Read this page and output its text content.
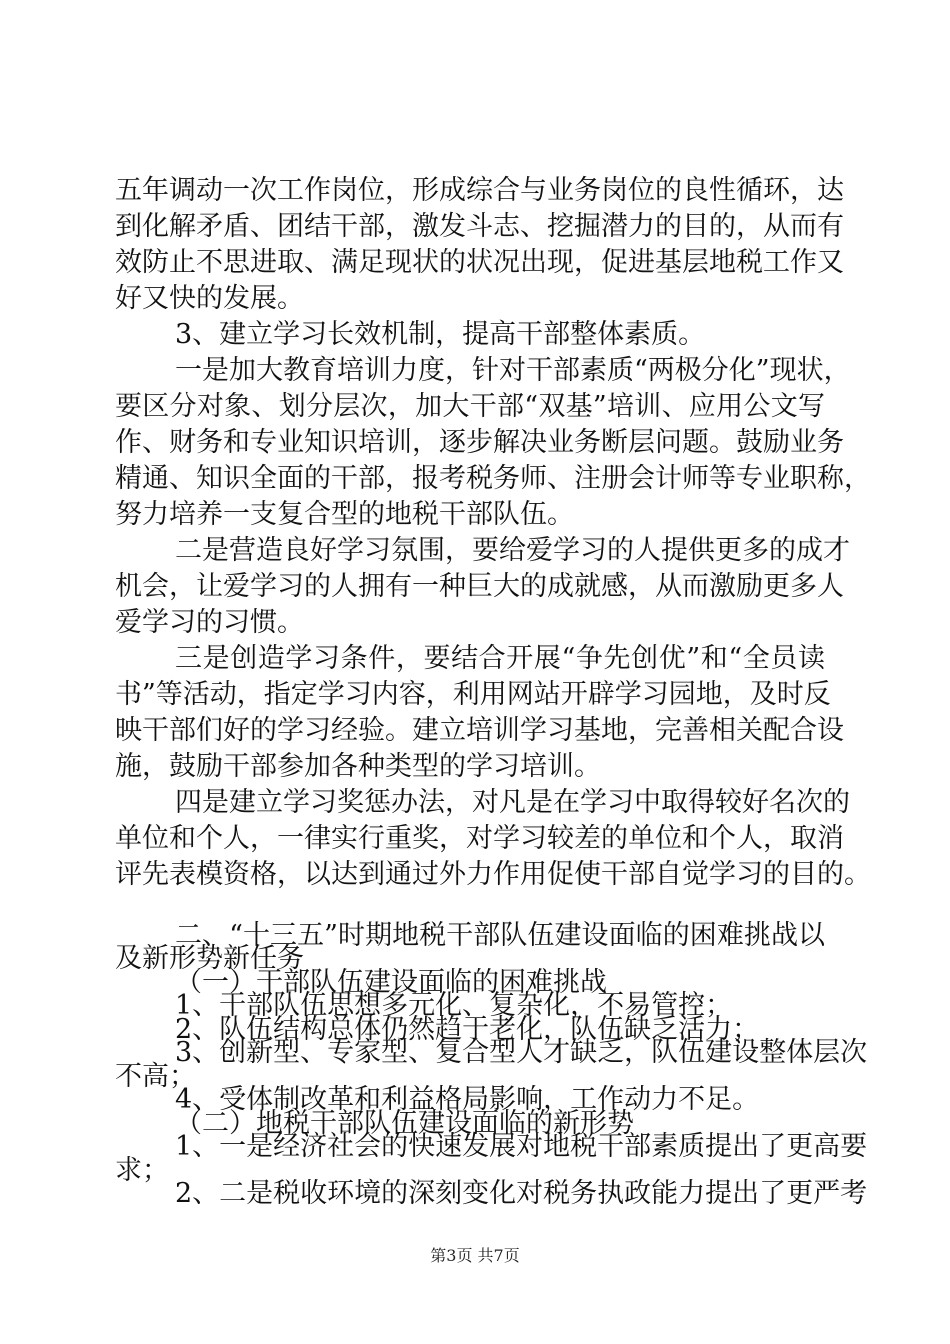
五年调动一次工作岗位，形成综合与业务岗位的良性循环，达
到化解矛盾、团结干部，激发斗志、挖掘潜力的目的，从而有
效防止不思进取、满足现状的状况出现，促进基层地税工作又
好又快的发展。
3、建立学习长效机制，提高干部整体素质。
一是加大教育培训力度，针对干部素质“两极分化”现状，
要区分对象、划分层次，加大干部“双基”培训、应用公文写
作、财务和专业知识培训，逐步解决业务断层问题。鼓励业务
精通、知识全面的干部，报考税务师、注册会计师等专业职称，
努力培养一支复合型的地税干部队伍。
二是营造良好学习氛围，要给爱学习的人提供更多的成才
机会，让爱学习的人拥有一种巨大的成就感，从而激励更多人
爱学习的习惯。
三是创造学习条件，要结合开展“争先创优”和“全员读
书”等活动，指定学习内容，利用网站开辟学习园地，及时反
映干部们好的学习经验。建立培训学习基地，完善相关配合设
施，鼓励干部参加各种类型的学习培训。
四是建立学习奖惩办法，对凡是在学习中取得较好名次的
单位和个人，一律实行重奖，对学习较差的单位和个人，取消
评先表模资格，以达到通过外力作用促使干部自觉学习的目的。
二、“十三五”时期地税干部队伍建设面临的困难挑战以
及新形势新任务
（一）干部队伍建设面临的困难挑战
1、干部队伍思想多元化、复杂化，不易管控；
2、队伍结构总体仍然趋于老化，队伍缺乏活力；
3、创新型、专家型、复合型人才缺乏，队伍建设整体层次
不高；
4、受体制改革和利益格局影响，工作动力不足。
（二）地税干部队伍建设面临的新形势
1、一是经济社会的快速发展对地税干部素质提出了更高要
求；
2、二是税收环境的深刻变化对税务执政能力提出了更严考
第3页 共7页
